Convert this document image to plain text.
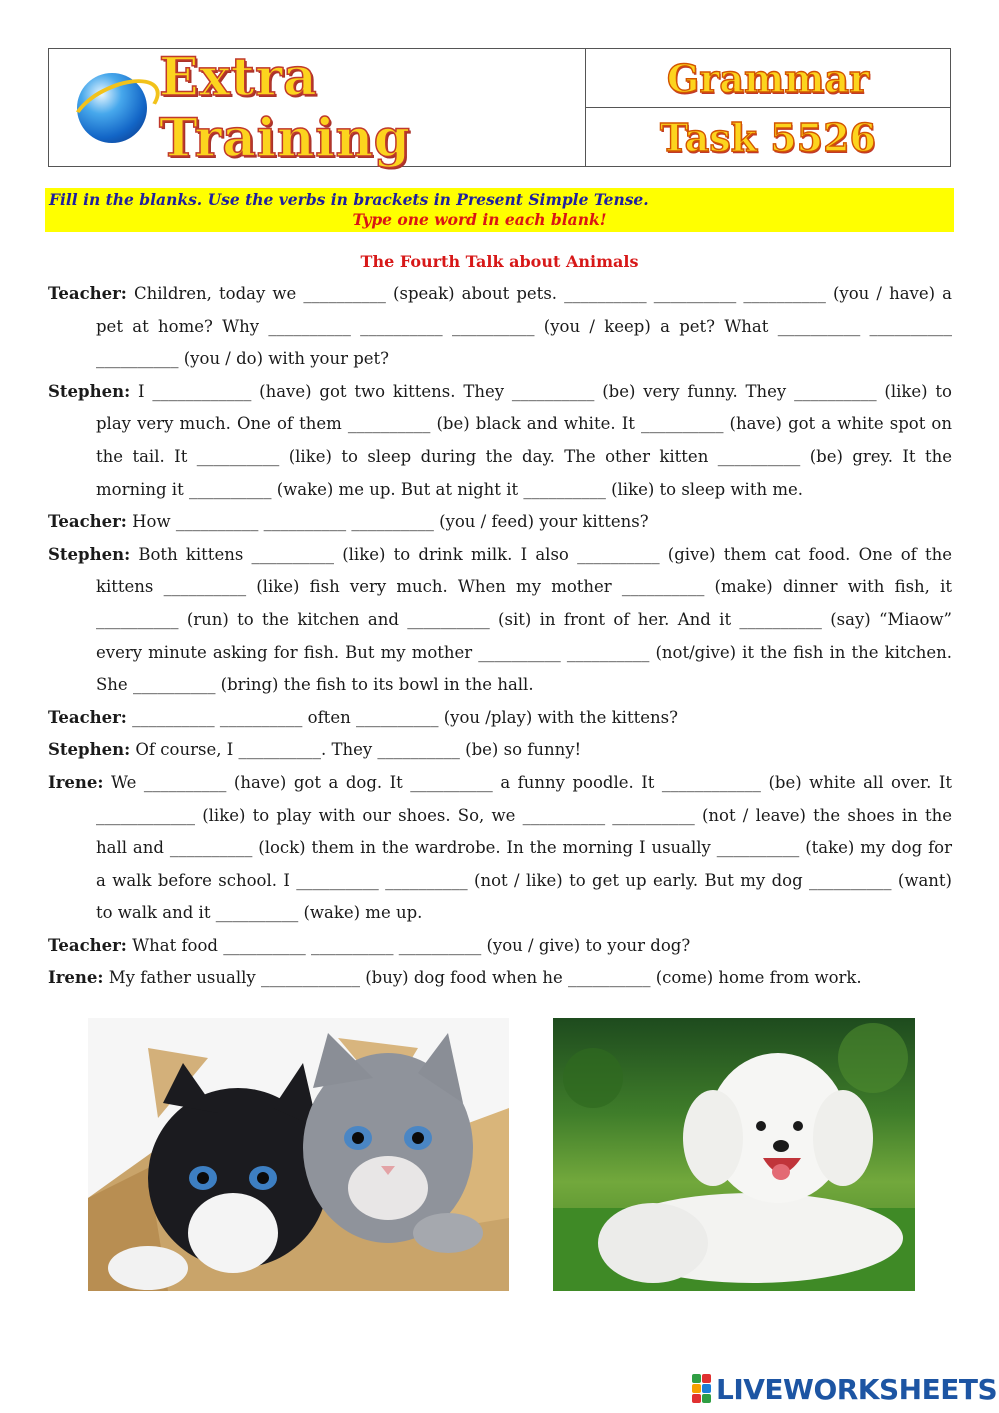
Extra Training
Grammar
Task 5526
Fill in the blanks. Use the verbs in brackets in Present Simple Tense.
Type one word in each blank!
The Fourth Talk about Animals

Teacher: Children, today we __________ (speak) about pets. __________ __________ __________ (you / have) a pet at home? Why __________ __________ __________ (you / keep) a pet? What __________ __________ __________ (you / do) with your pet?

Stephen: I ____________ (have) got two kittens. They __________ (be) very funny. They __________ (like) to play very much. One of them __________ (be) black and white. It __________ (have) got a white spot on the tail. It __________ (like) to sleep during the day. The other kitten __________ (be) grey. It the morning it __________ (wake) me up. But at night it __________ (like) to sleep with me.

Teacher: How __________ __________ __________ (you / feed) your kittens?

Stephen: Both kittens __________ (like) to drink milk. I also __________ (give) them cat food. One of the kittens __________ (like) fish very much. When my mother __________ (make) dinner with fish, it __________ (run) to the kitchen and __________ (sit) in front of her. And it __________ (say) “Miaow” every minute asking for fish. But my mother __________ __________ (not/give) it the fish in the kitchen. She __________ (bring) the fish to its bowl in the hall.

Teacher: __________ __________ often __________ (you /play) with the kittens?

Stephen: Of course, I __________. They __________ (be) so funny!

Irene: We __________ (have) got a dog. It __________ a funny poodle. It ____________ (be) white all over. It ____________ (like) to play with our shoes. So, we __________ __________ (not / leave) the shoes in the hall and __________ (lock) them in the wardrobe. In the morning I usually __________ (take) my dog for a walk before school. I __________ __________ (not / like) to get up early. But my dog __________ (want) to walk and it __________ (wake) me up.

Teacher: What food __________ __________ __________ (you / give) to your dog?

Irene: My father usually ____________ (buy) dog food when he __________ (come) home from work.

LIVEWORKSHEETS
